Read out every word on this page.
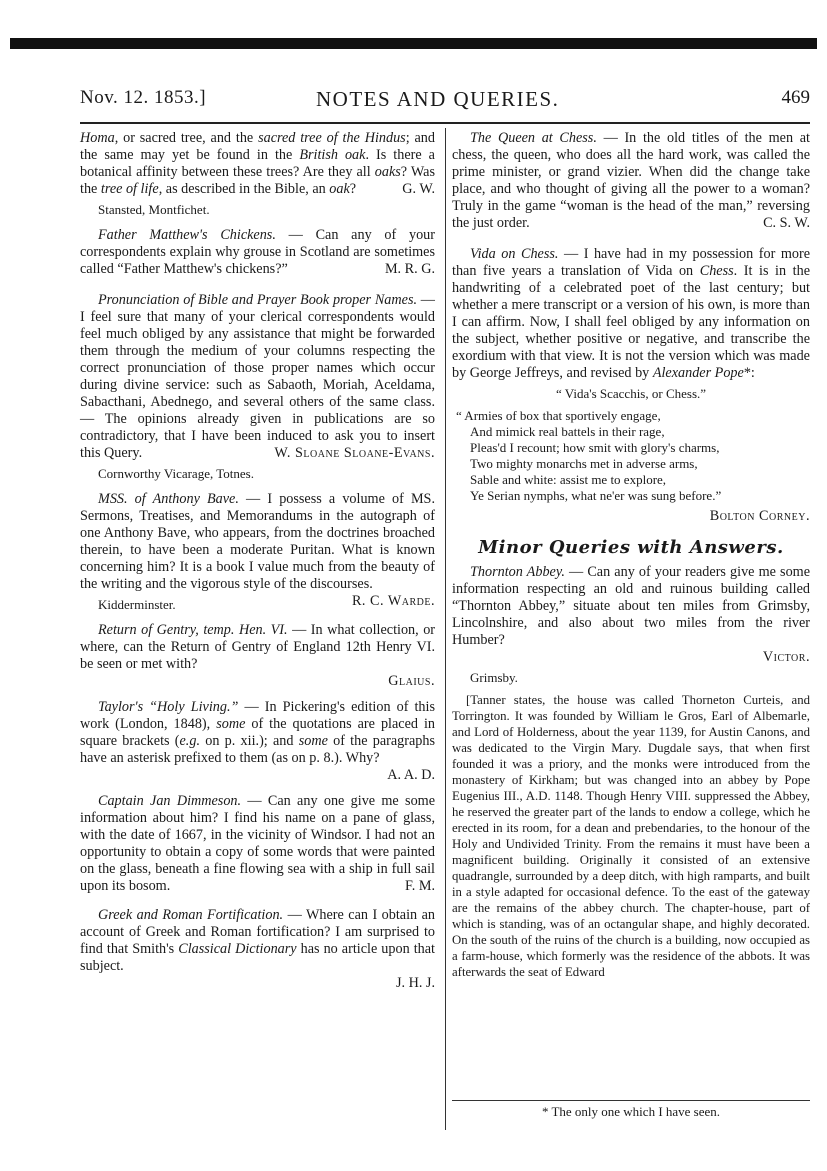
Nov. 12. 1853.]	NOTES AND QUERIES.	469

Homa, or sacred tree, and the sacred tree of the Hindus; and the same may yet be found in the British oak. Is there a botanical affinity between these trees? Are they all oaks? Was the tree of life, as described in the Bible, an oak?	G. W.

Stansted, Montfichet.

Father Matthew's Chickens. — Can any of your correspondents explain why grouse in Scotland are sometimes called “Father Matthew's chickens?”	M. R. G.

Pronunciation of Bible and Prayer Book proper Names. — I feel sure that many of your clerical correspondents would feel much obliged by any assistance that might be forwarded them through the medium of your columns respecting the correct pronunciation of those proper names which occur during divine service: such as Sabaoth, Moriah, Aceldama, Sabacthani, Abednego, and several others of the same class. — The opinions already given in publications are so contradictory, that I have been induced to ask you to insert this Query.	W. Sloane Sloane-Evans.

Cornworthy Vicarage, Totnes.

MSS. of Anthony Bave. — I possess a volume of MS. Sermons, Treatises, and Memorandums in the autograph of one Anthony Bave, who appears, from the doctrines broached therein, to have been a moderate Puritan. What is known concerning him? It is a book I value much from the beauty of the writing and the vigorous style of the discourses.
R. C. Warde.

Kidderminster.

Return of Gentry, temp. Hen. VI. — In what collection, or where, can the Return of Gentry of England 12th Henry VI. be seen or met with?

Glaius.

Taylor's “Holy Living.” — In Pickering's edition of this work (London, 1848), some of the quotations are placed in square brackets (e.g. on p. xii.); and some of the paragraphs have an asterisk prefixed to them (as on p. 8.). Why?

A. A. D.

Captain Jan Dimmeson. — Can any one give me some information about him? I find his name on a pane of glass, with the date of 1667, in the vicinity of Windsor. I had not an opportunity to obtain a copy of some words that were painted on the glass, beneath a fine flowing sea with a ship in full sail upon its bosom.	F. M.

Greek and Roman Fortification. — Where can I obtain an account of Greek and Roman fortification? I am surprised to find that Smith's Classical Dictionary has no article upon that subject.

J. H. J.

The Queen at Chess. — In the old titles of the men at chess, the queen, who does all the hard work, was called the prime minister, or grand vizier. When did the change take place, and who thought of giving all the power to a woman? Truly in the game “woman is the head of the man,” reversing the just order.	C. S. W.

Vida on Chess. — I have had in my possession for more than five years a translation of Vida on Chess. It is in the handwriting of a celebrated poet of the last century; but whether a mere transcript or a version of his own, is more than I can affirm. Now, I shall feel obliged by any information on the subject, whether positive or negative, and transcribe the exordium with that view. It is not the version which was made by George Jeffreys, and revised by Alexander Pope*:

“ Vida's Scacchis, or Chess.”

“ Armies of box that sportively engage,
And mimick real battels in their rage,
Pleas'd I recount; how smit with glory's charms,
Two mighty monarchs met in adverse arms,
Sable and white: assist me to explore,
Ye Serian nymphs, what ne'er was sung before.”
Bolton Corney.
Minor Queries with Answers.

Thornton Abbey. — Can any of your readers give me some information respecting an old and ruinous building called “Thornton Abbey,” situate about ten miles from Grimsby, Lincolnshire, and also about two miles from the river Humber?

Victor.

Grimsby.

[Tanner states, the house was called Thorneton Curteis, and Torrington. It was founded by William le Gros, Earl of Albemarle, and Lord of Holderness, about the year 1139, for Austin Canons, and was dedicated to the Virgin Mary. Dugdale says, that when first founded it was a priory, and the monks were introduced from the monastery of Kirkham; but was changed into an abbey by Pope Eugenius III., A.D. 1148. Though Henry VIII. suppressed the Abbey, he reserved the greater part of the lands to endow a college, which he erected in its room, for a dean and prebendaries, to the honour of the Holy and Undivided Trinity. From the remains it must have been a magnificent building. Originally it consisted of an extensive quadrangle, surrounded by a deep ditch, with high ramparts, and built in a style adapted for occasional defence. To the east of the gateway are the remains of the abbey church. The chapter-house, part of which is standing, was of an octangular shape, and highly decorated. On the south of the ruins of the church is a building, now occupied as a farm-house, which formerly was the residence of the abbots. It was afterwards the seat of Edward

* The only one which I have seen.
